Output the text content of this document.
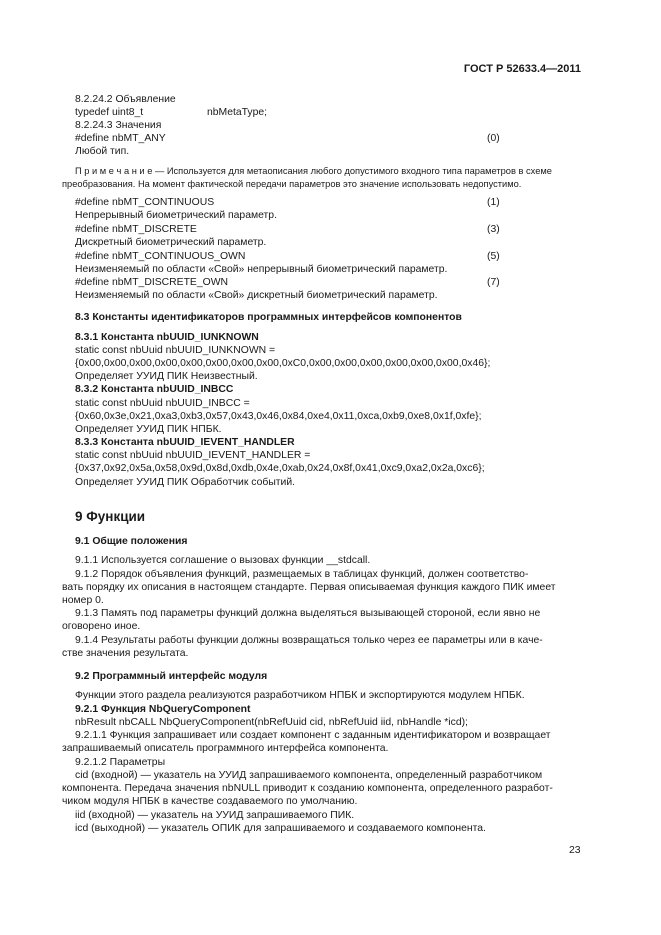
ГОСТ Р 52633.4—2011
8.2.24.2 Объявление
typedef uint8_t	nbMetaType;
8.2.24.3 Значения
#define nbMT_ANY	(0)
Любой тип.
П р и м е ч а н и е — Используется для метаописания любого допустимого входного типа параметров в схеме
преобразования. На момент фактической передачи параметров это значение использовать недопустимо.
#define nbMT_CONTINUOUS	(1)
Непрерывный биометрический параметр.
#define nbMT_DISCRETE	(3)
Дискретный биометрический параметр.
#define nbMT_CONTINUOUS_OWN	(5)
Неизменяемый по области «Свой» непрерывный биометрический параметр.
#define nbMT_DISCRETE_OWN	(7)
Неизменяемый по области «Свой» дискретный биометрический параметр.
8.3 Константы идентификаторов программных интерфейсов компонентов
8.3.1 Константа nbUUID_IUNKNOWN
static const nbUuid nbUUID_IUNKNOWN =
{0x00,0x00,0x00,0x00,0x00,0x00,0x00,0x00,0xC0,0x00,0x00,0x00,0x00,0x00,0x00,0x46};
Определяет УУИД ПИК Неизвестный.
8.3.2 Константа nbUUID_INBCC
static const nbUuid nbUUID_INBCC =
{0x60,0x3e,0x21,0xa3,0xb3,0x57,0x43,0x46,0x84,0xe4,0x11,0xca,0xb9,0xe8,0x1f,0xfe};
Определяет УУИД ПИК НПБК.
8.3.3 Константа nbUUID_IEVENT_HANDLER
static const nbUuid nbUUID_IEVENT_HANDLER =
{0x37,0x92,0x5a,0x58,0x9d,0x8d,0xdb,0x4e,0xab,0x24,0x8f,0x41,0xc9,0xa2,0x2a,0xc6};
Определяет УУИД ПИК Обработчик событий.
9 Функции
9.1 Общие положения
9.1.1 Используется соглашение о вызовах функции __stdcall.
9.1.2 Порядок объявления функций, размещаемых в таблицах функций, должен соответство-
вать порядку их описания в настоящем стандарте. Первая описываемая функция каждого ПИК имеет
номер 0.
9.1.3 Память под параметры функций должна выделяться вызывающей стороной, если явно не
оговорено иное.
9.1.4 Результаты работы функции должны возвращаться только через ее параметры или в каче-
стве значения результата.
9.2 Программный интерфейс модуля
Функции этого раздела реализуются разработчиком НПБК и экспортируются модулем НПБК.
9.2.1 Функция NbQueryComponent
nbResult nbCALL NbQueryComponent(nbRefUuid cid, nbRefUuid iid, nbHandle *icd);
9.2.1.1 Функция запрашивает или создает компонент с заданным идентификатором и возвращает
запрашиваемый описатель программного интерфейса компонента.
9.2.1.2 Параметры
cid (входной) — указатель на УУИД запрашиваемого компонента, определенный разработчиком
компонента. Передача значения nbNULL приводит к созданию компонента, определенного разработ-
чиком модуля НПБК в качестве создаваемого по умолчанию.
iid (входной) — указатель на УУИД запрашиваемого ПИК.
icd (выходной) — указатель ОПИК для запрашиваемого и создаваемого компонента.
23
